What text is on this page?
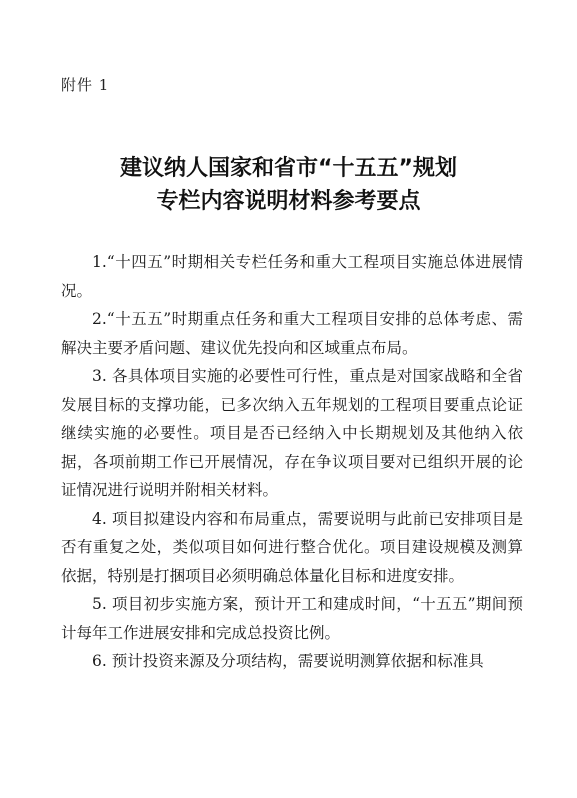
附件 1
建议纳人国家和省市“十五五”规划
专栏内容说明材料参考要点

1.“十四五”时期相关专栏任务和重大工程项目实施总体进展情况。

2.“十五五”时期重点任务和重大工程项目安排的总体考虑、需解决主要矛盾问题、建议优先投向和区域重点布局。

3. 各具体项目实施的必要性可行性，重点是对国家战略和全省发展目标的支撑功能，已多次纳入五年规划的工程项目要重点论证继续实施的必要性。项目是否已经纳入中长期规划及其他纳入依据，各项前期工作已开展情况，存在争议项目要对已组织开展的论证情况进行说明并附相关材料。

4. 项目拟建设内容和布局重点，需要说明与此前已安排项目是否有重复之处，类似项目如何进行整合优化。项目建设规模及测算依据，特别是打捆项目必须明确总体量化目标和进度安排。

5. 项目初步实施方案，预计开工和建成时间，“十五五”期间预计每年工作进展安排和完成总投资比例。

6. 预计投资来源及分项结构，需要说明测算依据和标准具
